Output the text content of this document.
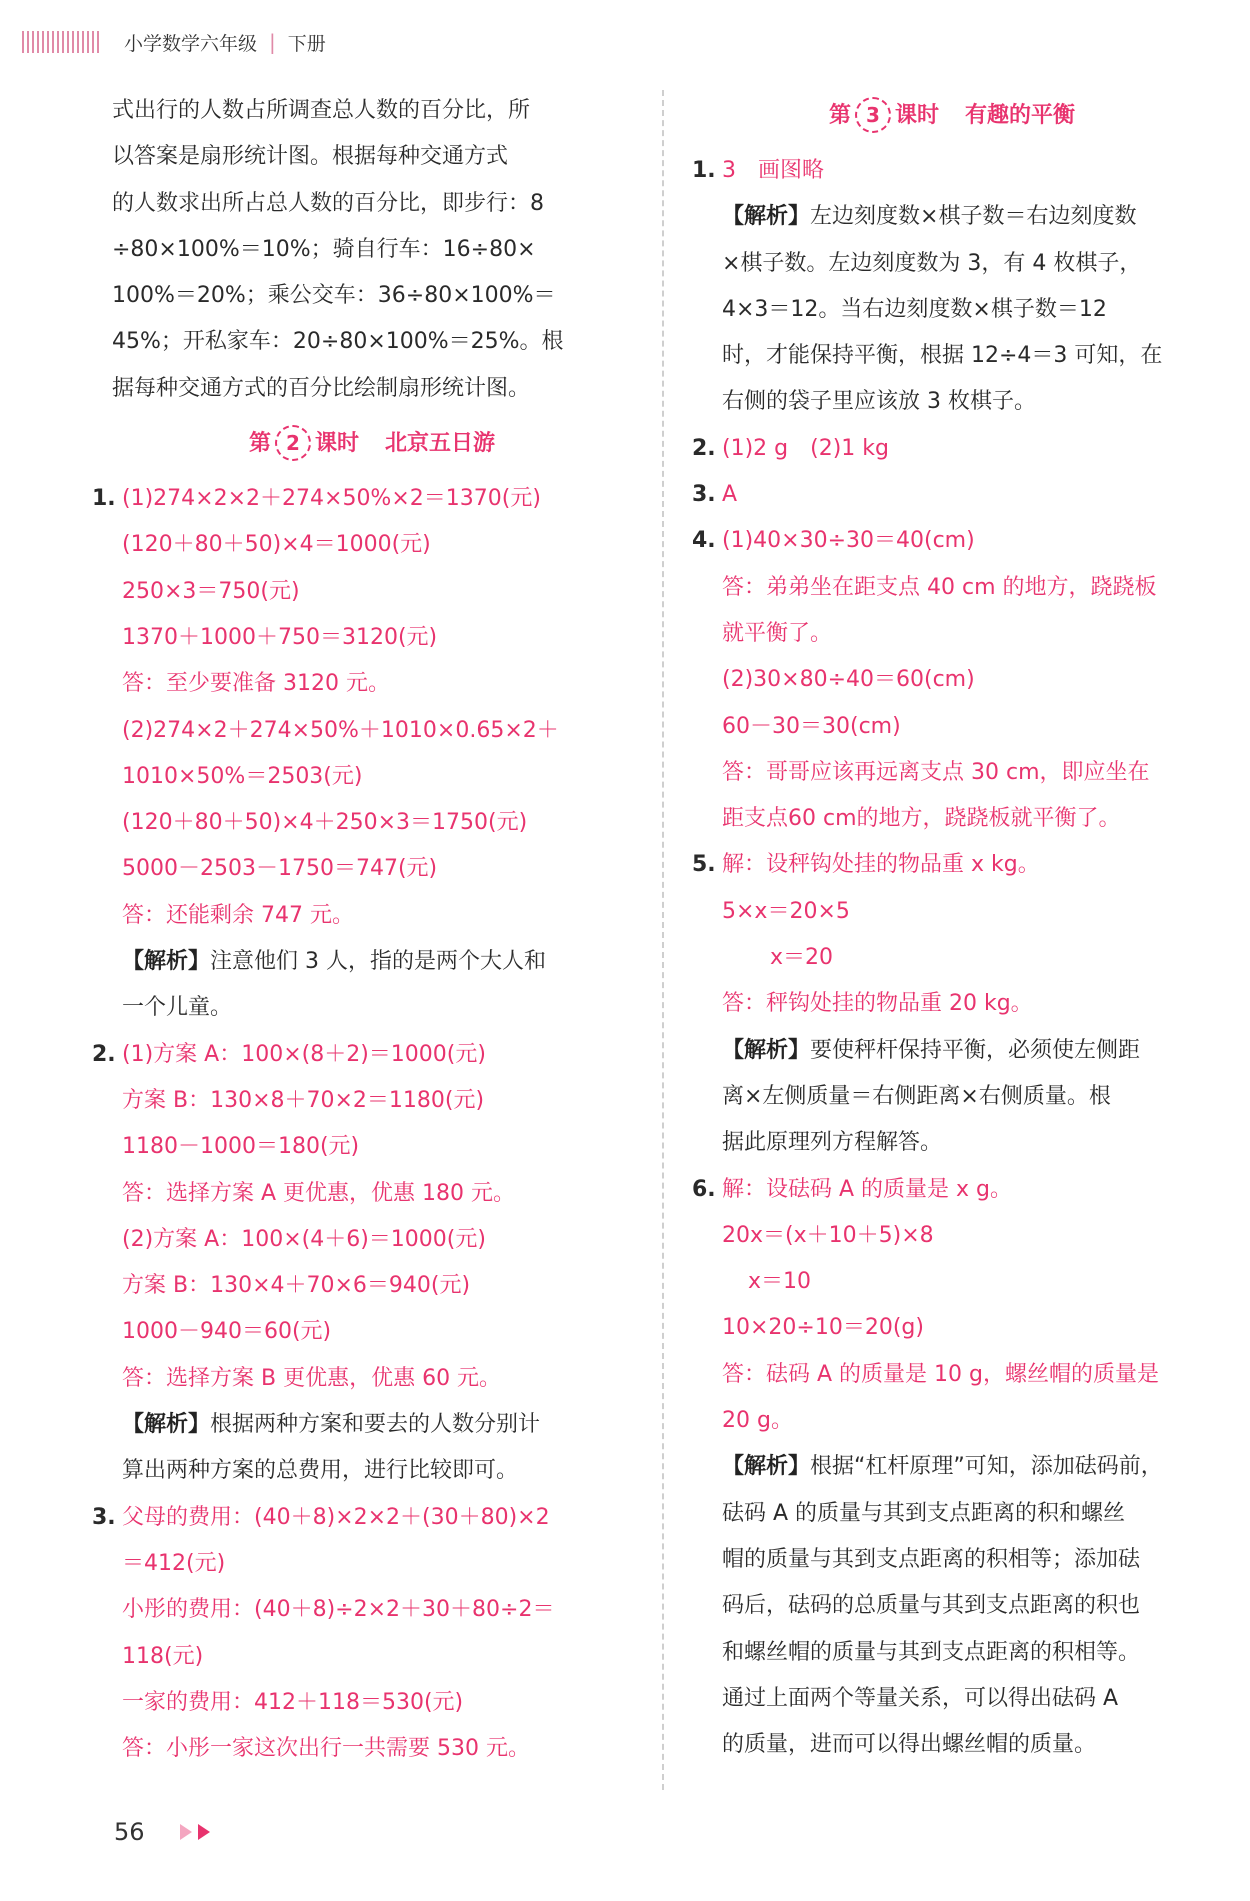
小学数学六年级 | 下册
式出行的人数占所调查总人数的百分比，所
以答案是扇形统计图。根据每种交通方式
的人数求出所占总人数的百分比，即步行：8
÷80×100%＝10%；骑自行车：16÷80×
100%＝20%；乘公交车：36÷80×100%＝
45%；开私家车：20÷80×100%＝25%。根
据每种交通方式的百分比绘制扇形统计图。
第 2 课时 北京五日游
1. (1)274×2×2＋274×50%×2＝1370(元)
(120＋80＋50)×4＝1000(元)
250×3＝750(元)
1370＋1000＋750＝3120(元)
答：至少要准备 3120 元。
(2)274×2＋274×50%＋1010×0.65×2＋
1010×50%＝2503(元)
(120＋80＋50)×4＋250×3＝1750(元)
5000－2503－1750＝747(元)
答：还能剩余 747 元。
【解析】注意他们 3 人，指的是两个大人和
一个儿童。
2. (1)方案 A：100×(8＋2)＝1000(元)
方案 B：130×8＋70×2＝1180(元)
1180－1000＝180(元)
答：选择方案 A 更优惠，优惠 180 元。
(2)方案 A：100×(4＋6)＝1000(元)
方案 B：130×4＋70×6＝940(元)
1000－940＝60(元)
答：选择方案 B 更优惠，优惠 60 元。
【解析】根据两种方案和要去的人数分别计
算出两种方案的总费用，进行比较即可。
3. 父母的费用：(40＋8)×2×2＋(30＋80)×2
＝412(元)
小彤的费用：(40＋8)÷2×2＋30＋80÷2＝
118(元)
一家的费用：412＋118＝530(元)
答：小彤一家这次出行一共需要 530 元。
第 3 课时 有趣的平衡
1. 3　画图略
【解析】左边刻度数×棋子数＝右边刻度数
×棋子数。左边刻度数为 3，有 4 枚棋子，
4×3＝12。当右边刻度数×棋子数＝12
时，才能保持平衡，根据 12÷4＝3 可知，在
右侧的袋子里应该放 3 枚棋子。
2. (1)2 g　(2)1 kg
3. A
4. (1)40×30÷30＝40(cm)
答：弟弟坐在距支点 40 cm 的地方，跷跷板
就平衡了。
(2)30×80÷40＝60(cm)
60－30＝30(cm)
答：哥哥应该再远离支点 30 cm，即应坐在
距支点60 cm的地方，跷跷板就平衡了。
5. 解：设秤钩处挂的物品重 x kg。
5×x＝20×5
x＝20
答：秤钩处挂的物品重 20 kg。
【解析】要使秤杆保持平衡，必须使左侧距
离×左侧质量＝右侧距离×右侧质量。根
据此原理列方程解答。
6. 解：设砝码 A 的质量是 x g。
20x＝(x＋10＋5)×8
x＝10
10×20÷10＝20(g)
答：砝码 A 的质量是 10 g，螺丝帽的质量是
20 g。
【解析】根据“杠杆原理”可知，添加砝码前，
砝码 A 的质量与其到支点距离的积和螺丝
帽的质量与其到支点距离的积相等；添加砝
码后，砝码的总质量与其到支点距离的积也
和螺丝帽的质量与其到支点距离的积相等。
通过上面两个等量关系，可以得出砝码 A
的质量，进而可以得出螺丝帽的质量。
56
